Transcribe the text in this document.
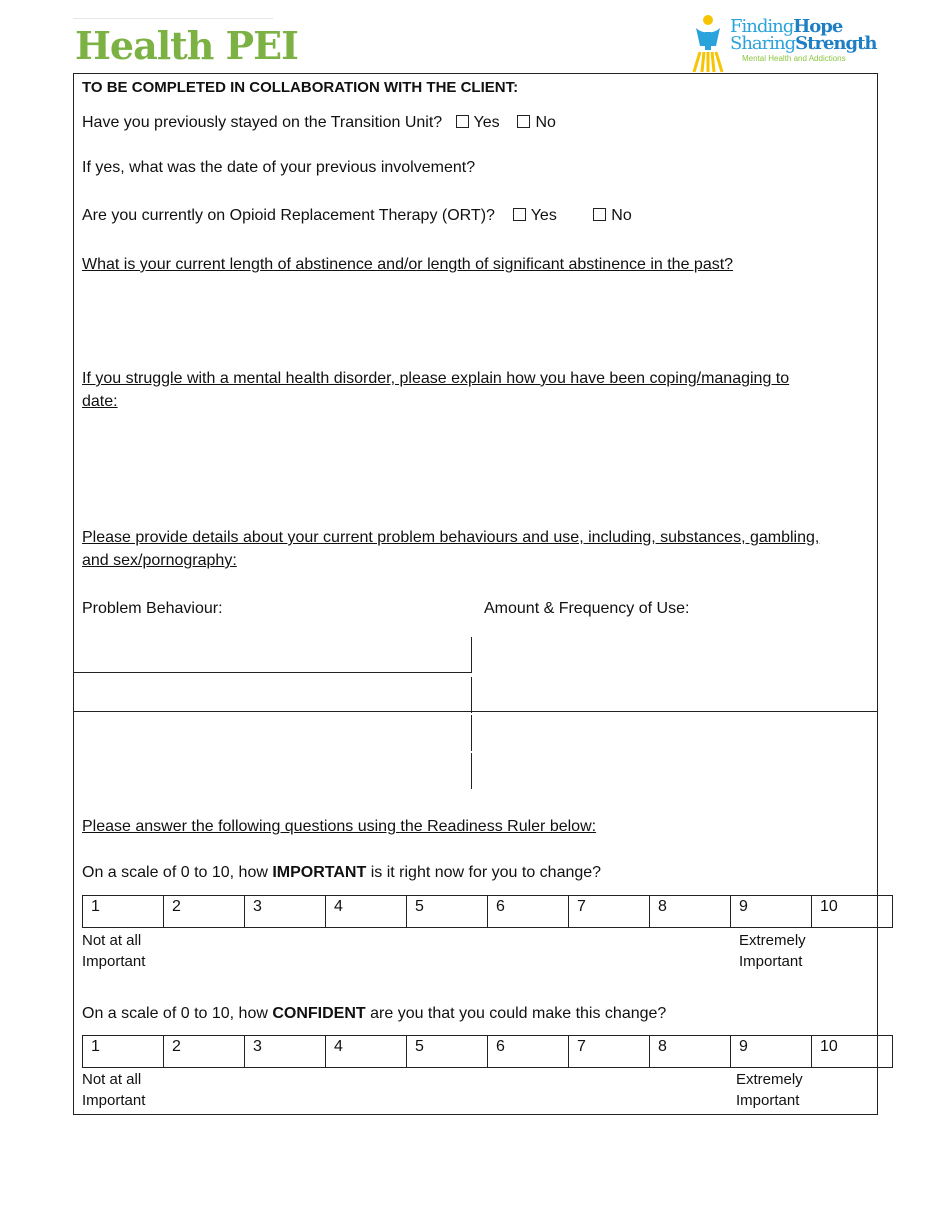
Health PEI	FindingHope
SharingStrength
Mental Health and Addictions
TO BE COMPLETED IN COLLABORATION WITH THE CLIENT:
Have you previously stayed on the Transition Unit? Yes No
If yes, what was the date of your previous involvement?
Are you currently on Opioid Replacement Therapy (ORT)? Yes	No
What is your current length of abstinence and/or length of significant abstinence in the past?
If you struggle with a mental health disorder, please explain how you have been coping/managing to
date:
Please provide details about your current problem behaviours and use, including, substances, gambling,
and sex/pornography:
Problem Behaviour:	Amount & Frequency of Use:
Please answer the following questions using the Readiness Ruler below:
On a scale of 0 to 10, how IMPORTANT is it right now for you to change?
1	2	3	4	5	6	7	8	9	10
Not at all
Important
Extremely
Important
On a scale of 0 to 10, how CONFIDENT are you that you could make this change?
1	2	3	4	5	6	7	8	9	10
Not at all
Important
Extremely
Important
